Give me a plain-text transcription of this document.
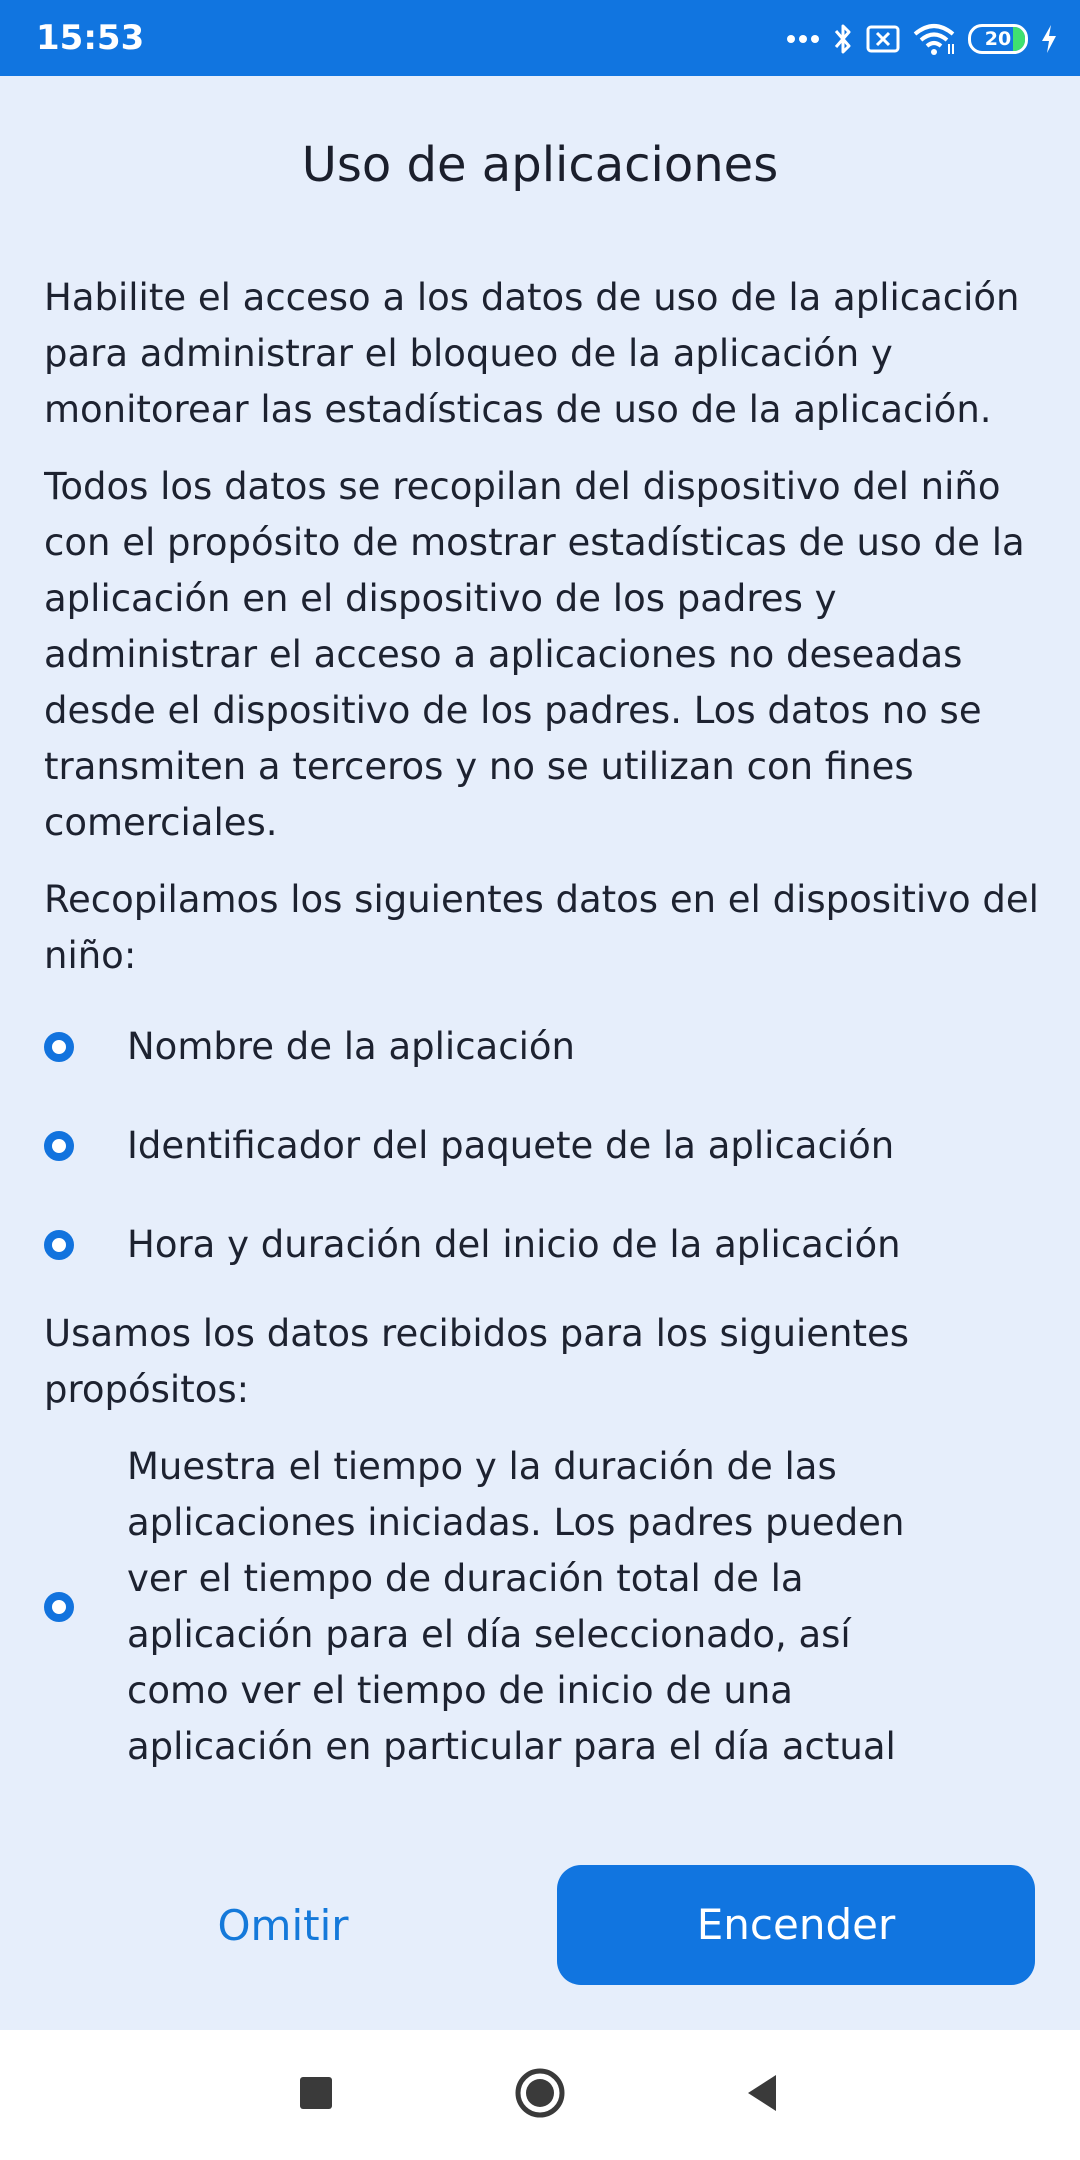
15:53	20
Uso de aplicaciones

Habilite el acceso a los datos de uso de la aplicación para administrar el bloqueo de la aplicación y monitorear las estadísticas de uso de la aplicación.

Todos los datos se recopilan del dispositivo del niño con el propósito de mostrar estadísticas de uso de la aplicación en el dispositivo de los padres y administrar el acceso a aplicaciones no deseadas desde el dispositivo de los padres. Los datos no se transmiten a terceros y no se utilizan con fines comerciales.

Recopilamos los siguientes datos en el dispositivo del niño:

Nombre de la aplicación
Identificador del paquete de la aplicación
Hora y duración del inicio de la aplicación

Usamos los datos recibidos para los siguientes propósitos:

Muestra el tiempo y la duración de las aplicaciones iniciadas. Los padres pueden ver el tiempo de duración total de la aplicación para el día seleccionado, así como ver el tiempo de inicio de una aplicación en particular para el día actual
Omitir	Encender
